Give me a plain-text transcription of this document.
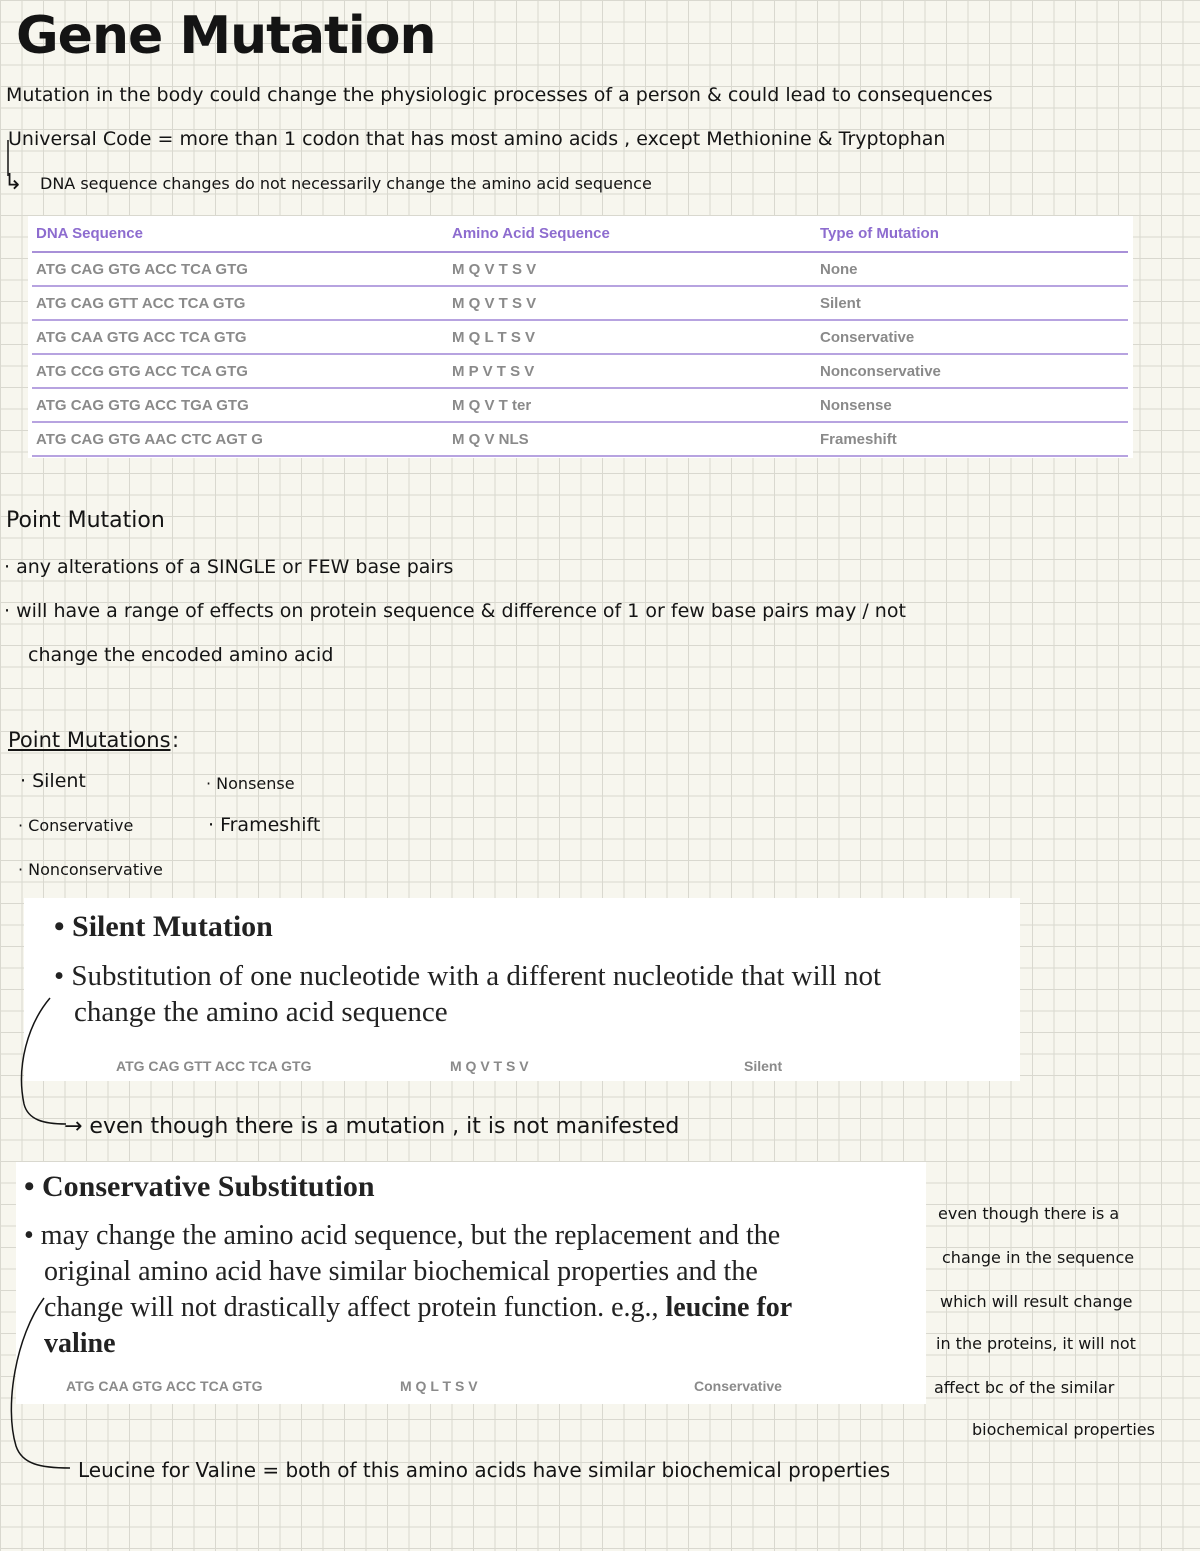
Gene Mutation
Mutation in the body could change the physiologic processes of a person & could lead to consequences
Universal Code = more than 1 codon that has most amino acids , except Methionine & Tryptophan
↳ DNA sequence changes do not necessarily change the amino acid sequence
DNA Sequence	Amino Acid Sequence	Type of Mutation
ATG CAG GTG ACC TCA GTG	M Q V T S V	None
ATG CAG GTT ACC TCA GTG	M Q V T S V	Silent
ATG CAA GTG ACC TCA GTG	M Q L T S V	Conservative
ATG CCG GTG ACC TCA GTG	M P V T S V	Nonconservative
ATG CAG GTG ACC TGA GTG	M Q V T ter	Nonsense
ATG CAG GTG AAC CTC AGT G	M Q V NLS	Frameshift
Point Mutation
· any alterations of a SINGLE or FEW base pairs
· will have a range of effects on protein sequence & difference of 1 or few base pairs may / not
change the encoded amino acid
Point Mutations :
· Silent
· Conservative
· Nonconservative
· Nonsense
· Frameshift
• Silent Mutation
• Substitution of one nucleotide with a different nucleotide that will not
change the amino acid sequence
ATG CAG GTT ACC TCA GTG	M Q V T S V	Silent
→ even though there is a mutation , it is not manifested
• Conservative Substitution
• may change the amino acid sequence, but the replacement and the
original amino acid have similar biochemical properties and the
change will not drastically affect protein function. e.g., leucine for
valine
ATG CAA GTG ACC TCA GTG	M Q L T S V	Conservative
even though there is a
change in the sequence
which will result change
in the proteins, it will not
affect bc of the similar
biochemical properties
Leucine for Valine = both of this amino acids have similar biochemical properties
